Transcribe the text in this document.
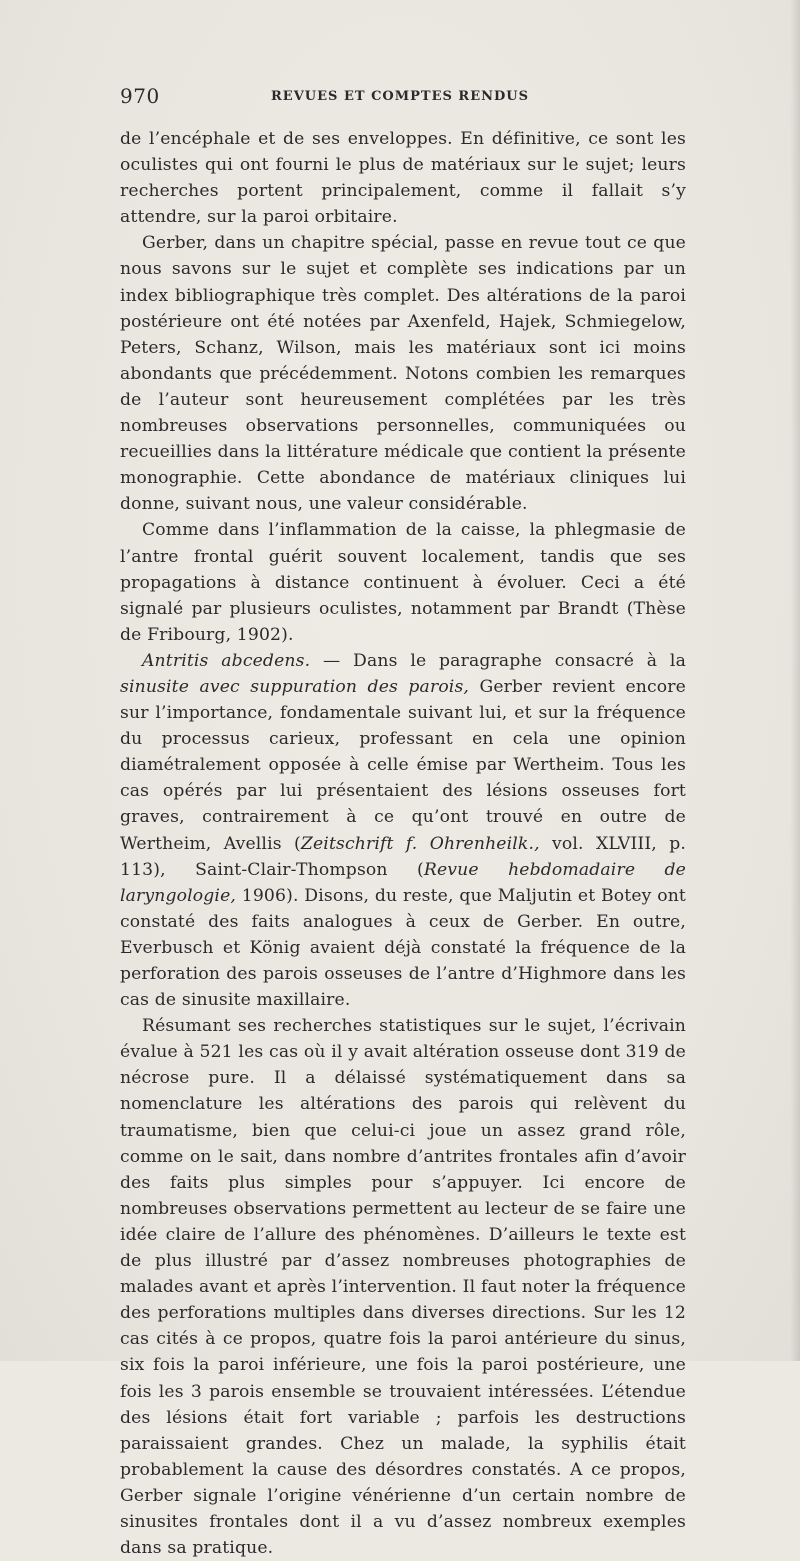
970	REVUES ET COMPTES RENDUS

de l’encéphale et de ses enveloppes. En définitive, ce sont les oculistes qui ont fourni le plus de matériaux sur le sujet; leurs recherches portent principalement, comme il fallait s’y attendre, sur la paroi orbitaire.

Gerber, dans un chapitre spécial, passe en revue tout ce que nous savons sur le sujet et complète ses indications par un index bibliographique très complet. Des altérations de la paroi postérieure ont été notées par Axenfeld, Hajek, Schmiegelow, Peters, Schanz, Wilson, mais les matériaux sont ici moins abondants que précédemment. Notons combien les remarques de l’auteur sont heureusement complétées par les très nombreuses observations personnelles, communiquées ou recueillies dans la littérature médicale que contient la présente monographie. Cette abondance de matériaux cliniques lui donne, suivant nous, une valeur considérable.

Comme dans l’inflammation de la caisse, la phlegmasie de l’antre frontal guérit souvent localement, tandis que ses propagations à distance continuent à évoluer. Ceci a été signalé par plusieurs oculistes, notamment par Brandt (Thèse de Fribourg, 1902).

Antritis abcedens. — Dans le paragraphe consacré à la sinusite avec suppuration des parois, Gerber revient encore sur l’importance, fondamentale suivant lui, et sur la fréquence du processus carieux, professant en cela une opinion diamétralement opposée à celle émise par Wertheim. Tous les cas opérés par lui présentaient des lésions osseuses fort graves, contrairement à ce qu’ont trouvé en outre de Wertheim, Avellis (Zeitschrift f. Ohrenheilk., vol. XLVIII, p. 113), Saint-Clair-Thompson (Revue hebdomadaire de laryngologie, 1906). Disons, du reste, que Maljutin et Botey ont constaté des faits analogues à ceux de Gerber. En outre, Everbusch et König avaient déjà constaté la fréquence de la perforation des parois osseuses de l’antre d’Highmore dans les cas de sinusite maxillaire.

Résumant ses recherches statistiques sur le sujet, l’écrivain évalue à 521 les cas où il y avait altération osseuse dont 319 de nécrose pure. Il a délaissé systématiquement dans sa nomenclature les altérations des parois qui relèvent du traumatisme, bien que celui-ci joue un assez grand rôle, comme on le sait, dans nombre d’antrites frontales afin d’avoir des faits plus simples pour s’appuyer. Ici encore de nombreuses observations permettent au lecteur de se faire une idée claire de l’allure des phénomènes. D’ailleurs le texte est de plus illustré par d’assez nombreuses photographies de malades avant et après l’intervention. Il faut noter la fréquence des perforations multiples dans diverses directions. Sur les 12 cas cités à ce propos, quatre fois la paroi antérieure du sinus, six fois la paroi inférieure, une fois la paroi postérieure, une fois les 3 parois ensemble se trouvaient intéressées. L’étendue des lésions était fort variable ; parfois les destructions paraissaient grandes. Chez un malade, la syphilis était probablement la cause des désordres constatés. A ce propos, Gerber signale l’origine vénérienne d’un certain nombre de sinusites frontales dont il a vu d’assez nombreux exemples dans sa pratique.
